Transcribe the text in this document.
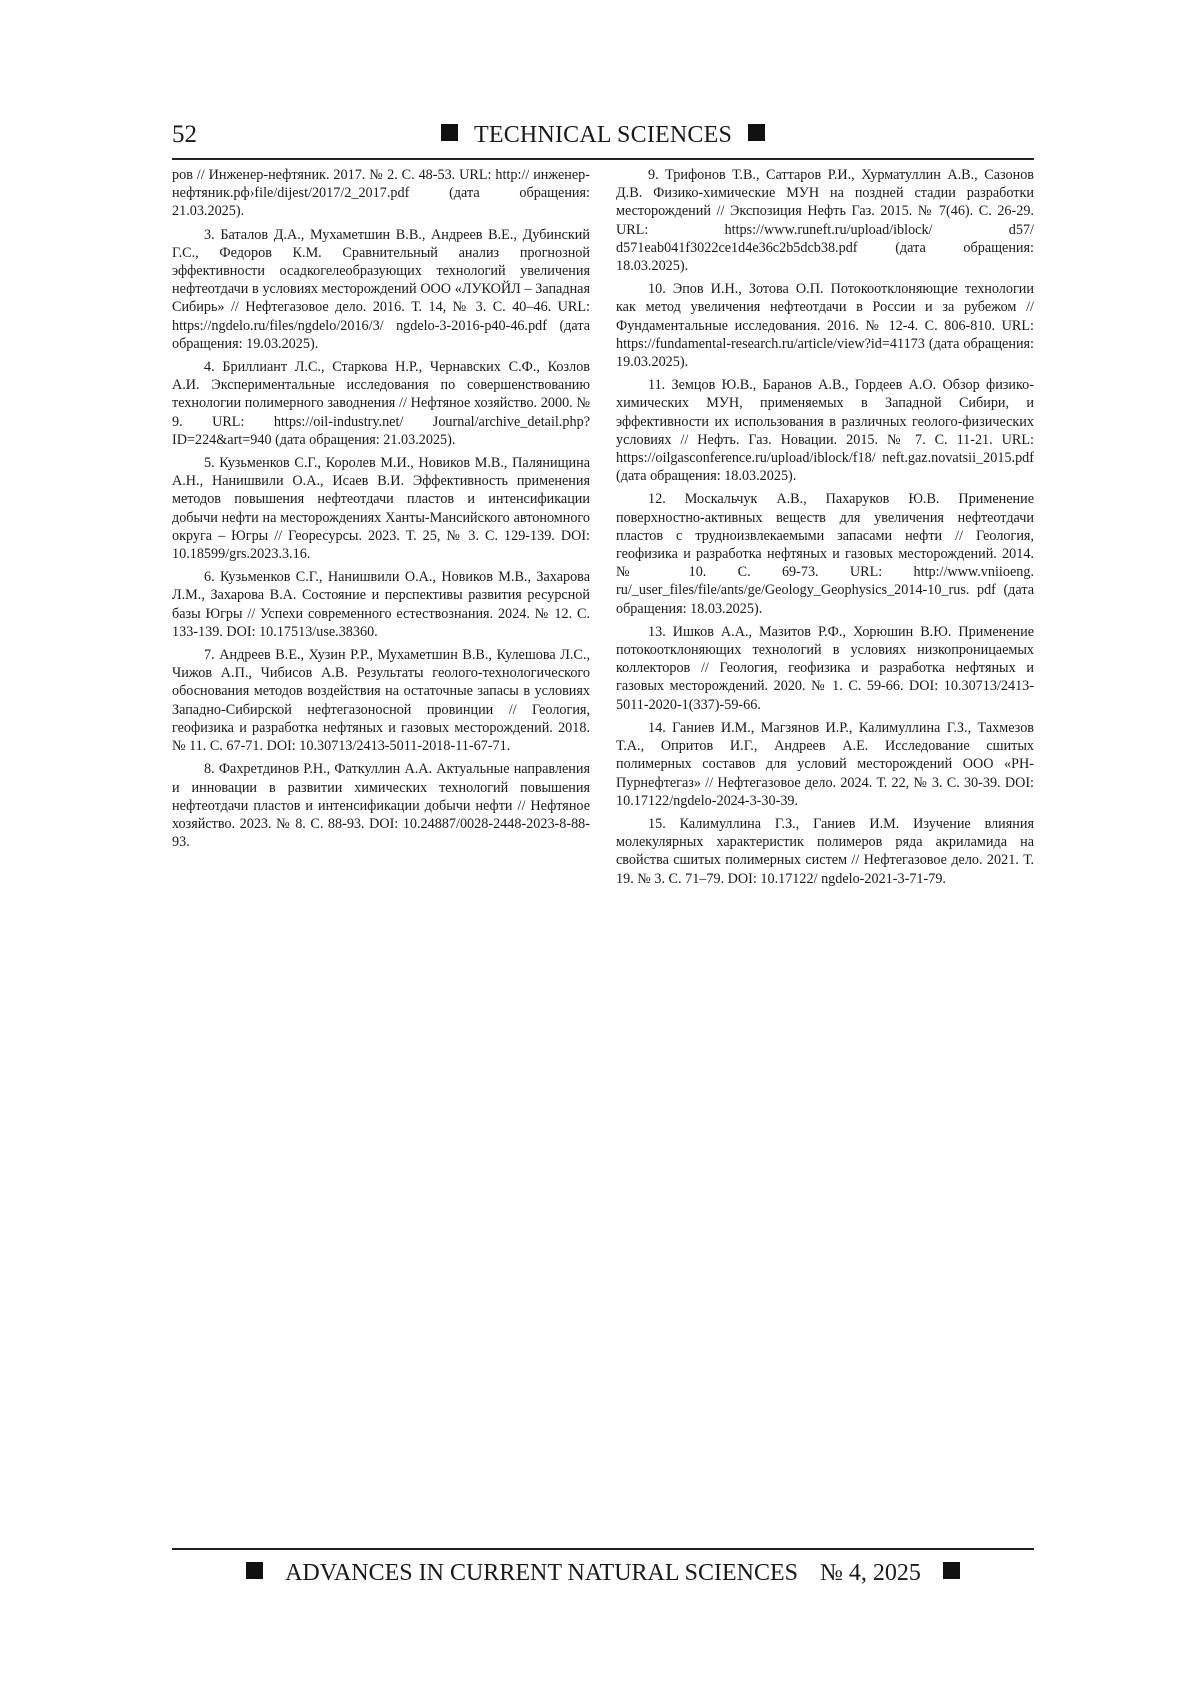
52	TECHNICAL SCIENCES

ров // Инженер-нефтяник. 2017. № 2. С. 48-53. URL: http:// инженер-нефтяник.рф›file/dijest/2017/2_2017.pdf (дата обращения: 21.03.2025).

3. Баталов Д.А., Мухаметшин В.В., Андреев В.Е., Дубинский Г.С., Федоров К.М. Сравнительный анализ прогнозной эффективности осадкогелеобразующих технологий увеличения нефтеотдачи в условиях месторождений ООО «ЛУКОЙЛ – Западная Сибирь» // Нефтегазовое дело. 2016. Т. 14, № 3. С. 40–46. URL: https://ngdelo.ru/files/ngdelo/2016/3/ ngdelo-3-2016-p40-46.pdf (дата обращения: 19.03.2025).

4. Бриллиант Л.С., Старкова Н.Р., Чернавских С.Ф., Козлов А.И. Экспериментальные исследования по совершенствованию технологии полимерного заводнения // Нефтяное хозяйство. 2000. № 9. URL: https://oil-industry.net/ Journal/archive_detail.php?ID=224&art=940 (дата обращения: 21.03.2025).

5. Кузьменков С.Г., Королев М.И., Новиков М.В., Палянищина А.Н., Нанишвили О.А., Исаев В.И. Эффективность применения методов повышения нефтеотдачи пластов и интенсификации добычи нефти на месторождениях Ханты-Мансийского автономного округа – Югры // Георесурсы. 2023. Т. 25, № 3. С. 129-139. DOI: 10.18599/grs.2023.3.16.

6. Кузьменков С.Г., Нанишвили О.А., Новиков М.В., Захарова Л.М., Захарова В.А. Состояние и перспективы развития ресурсной базы Югры // Успехи современного естествознания. 2024. № 12. С. 133-139. DOI: 10.17513/use.38360.

7. Андреев В.Е., Хузин Р.Р., Мухаметшин В.В., Кулешова Л.С., Чижов А.П., Чибисов А.В. Результаты геолого-технологического обоснования методов воздействия на остаточные запасы в условиях Западно-Сибирской нефтегазоносной провинции // Геология, геофизика и разработка нефтяных и газовых месторождений. 2018. № 11. С. 67-71. DOI: 10.30713/2413-5011-2018-11-67-71.

8. Фахретдинов Р.Н., Фаткуллин А.А. Актуальные направления и инновации в развитии химических технологий повышения нефтеотдачи пластов и интенсификации добычи нефти // Нефтяное хозяйство. 2023. № 8. С. 88-93. DOI: 10.24887/0028-2448-2023-8-88-93.

9. Трифонов Т.В., Саттаров Р.И., Хурматуллин А.В., Сазонов Д.В. Физико-химические МУН на поздней стадии разработки месторождений // Экспозиция Нефть Газ. 2015. № 7(46). С. 26-29. URL: https://www.runeft.ru/upload/iblock/ d57/ d571eab041f3022ce1d4e36c2b5dcb38.pdf (дата обращения: 18.03.2025).

10. Эпов И.Н., Зотова О.П. Потокоотклоняющие технологии как метод увеличения нефтеотдачи в России и за рубежом // Фундаментальные исследования. 2016. № 12-4. С. 806-810. URL: https://fundamental-research.ru/article/view?id=41173 (дата обращения: 19.03.2025).

11. Земцов Ю.В., Баранов А.В., Гордеев А.О. Обзор физико-химических МУН, применяемых в Западной Сибири, и эффективности их использования в различных геолого-физических условиях // Нефть. Газ. Новации. 2015. № 7. С. 11-21. URL: https://oilgasconference.ru/upload/iblock/f18/ neft.gaz.novatsii_2015.pdf (дата обращения: 18.03.2025).

12. Москальчук А.В., Пахаруков Ю.В. Применение поверхностно-активных веществ для увеличения нефтеотдачи пластов с трудноизвлекаемыми запасами нефти // Геология, геофизика и разработка нефтяных и газовых месторождений. 2014. № 10. С. 69-73. URL: http://www.vniioeng. ru/_user_files/file/ants/ge/Geology_Geophysics_2014-10_rus. pdf (дата обращения: 18.03.2025).

13. Ишков А.А., Мазитов Р.Ф., Хорюшин В.Ю. Применение потокоотклоняющих технологий в условиях низкопроницаемых коллекторов // Геология, геофизика и разработка нефтяных и газовых месторождений. 2020. № 1. С. 59-66. DOI: 10.30713/2413-5011-2020-1(337)-59-66.

14. Ганиев И.М., Магзянов И.Р., Калимуллина Г.З., Тахмезов Т.А., Опритов И.Г., Андреев А.Е. Исследование сшитых полимерных составов для условий месторождений ООО «РН-Пурнефтегаз» // Нефтегазовое дело. 2024. Т. 22, № 3. С. 30-39. DOI: 10.17122/ngdelo-2024-3-30-39.

15. Калимуллина Г.З., Ганиев И.М. Изучение влияния молекулярных характеристик полимеров ряда акриламида на свойства сшитых полимерных систем // Нефтегазовое дело. 2021. Т. 19. № 3. С. 71–79. DOI: 10.17122/ ngdelo-2021-3-71-79.

ADVANCES IN CURRENT NATURAL SCIENCES № 4, 2025
